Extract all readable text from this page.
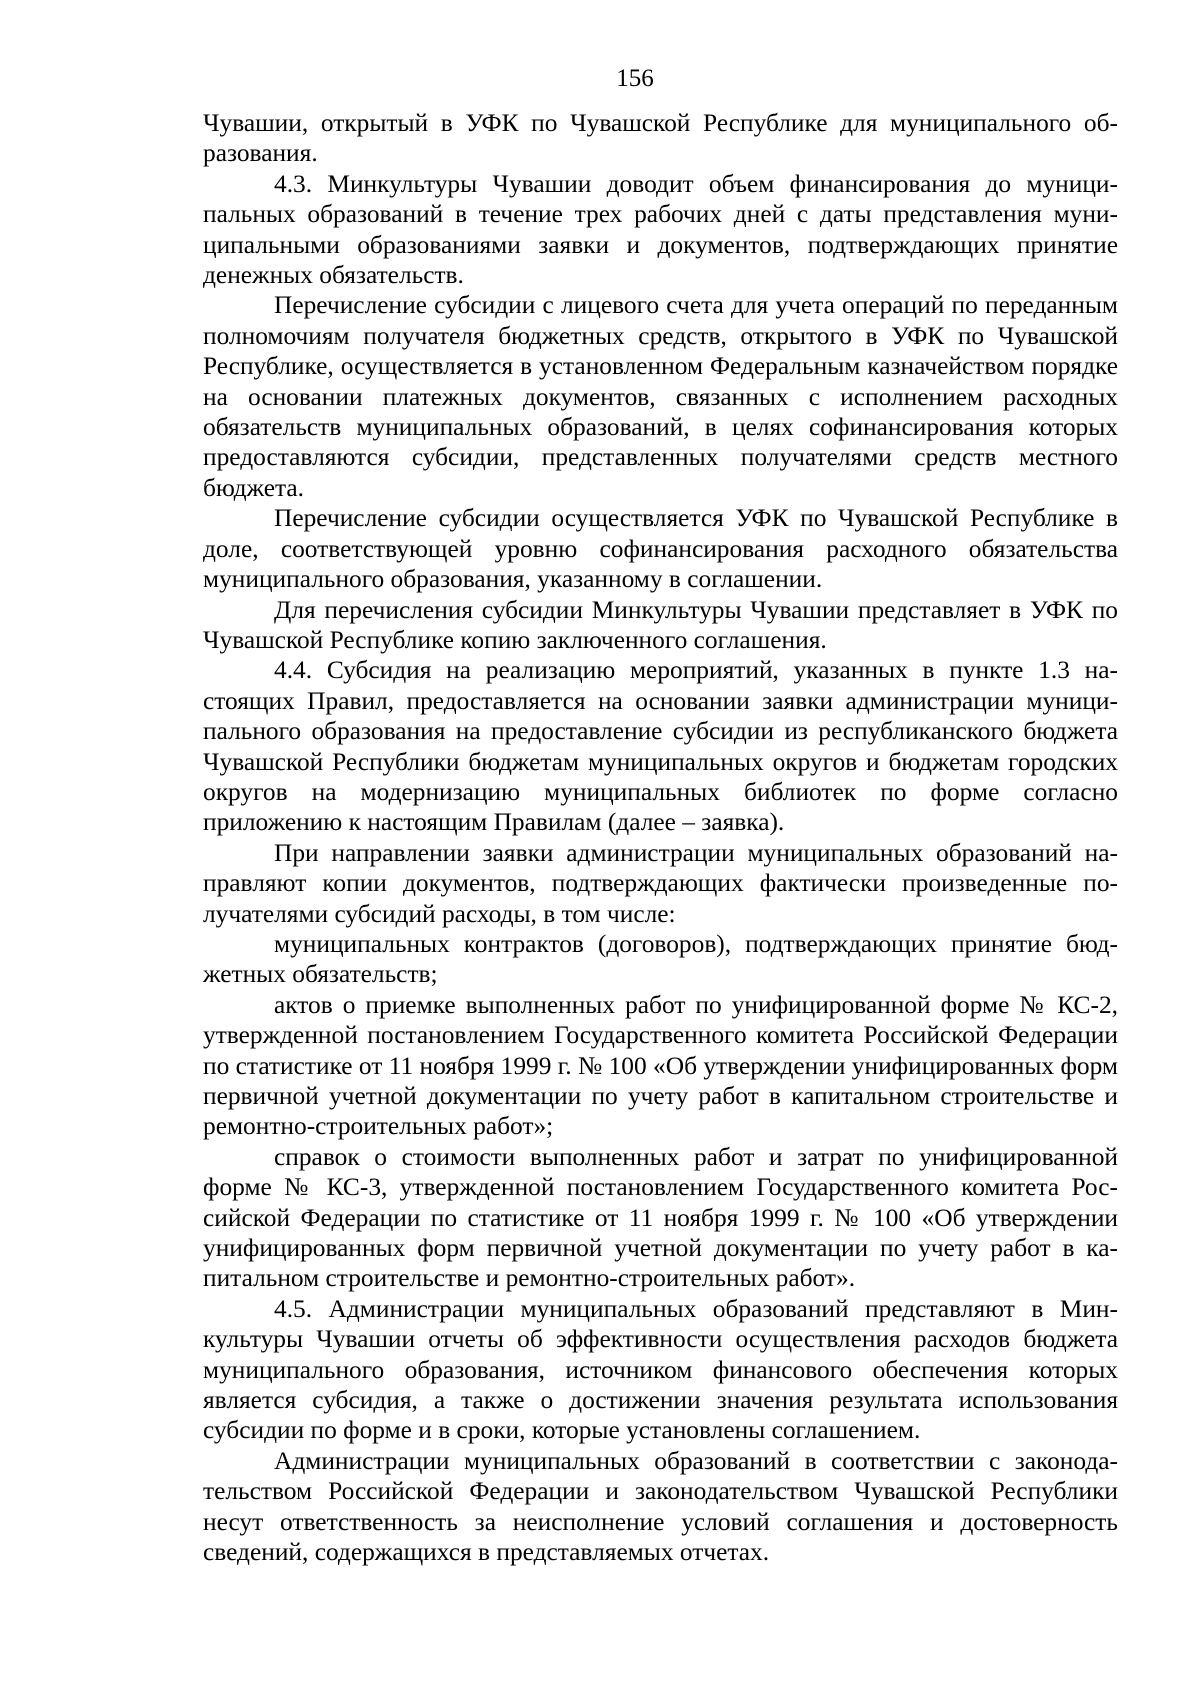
156

Чувашии, открытый в УФК по Чувашской Республике для муниципального образования.

4.3. Минкультуры Чувашии доводит объем финансирования до муниципальных образований в течение трех рабочих дней с даты представления муниципальными образованиями заявки и документов, подтверждающих принятие денежных обязательств.

Перечисление субсидии с лицевого счета для учета операций по переданным полномочиям получателя бюджетных средств, открытого в УФК по Чувашской Республике, осуществляется в установленном Федеральным казначейством порядке на основании платежных документов, связанных с исполнением расходных обязательств муниципальных образований, в целях софинансирования которых предоставляются субсидии, представленных получателями средств местного бюджета.

Перечисление субсидии осуществляется УФК по Чувашской Республике в доле, соответствующей уровню софинансирования расходного обязательства муниципального образования, указанному в соглашении.

Для перечисления субсидии Минкультуры Чувашии представляет в УФК по Чувашской Республике копию заключенного соглашения.

4.4. Субсидия на реализацию мероприятий, указанных в пункте 1.3 настоящих Правил, предоставляется на основании заявки администрации муниципального образования на предоставление субсидии из республиканского бюджета Чувашской Республики бюджетам муниципальных округов и бюджетам городских округов на модернизацию муниципальных библиотек по форме согласно приложению к настоящим Правилам (далее – заявка).

При направлении заявки администрации муниципальных образований направляют копии документов, подтверждающих фактически произведенные получателями субсидий расходы, в том числе:

муниципальных контрактов (договоров), подтверждающих принятие бюджетных обязательств;

актов о приемке выполненных работ по унифицированной форме № КС-2, утвержденной постановлением Государственного комитета Российской Федерации по статистике от 11 ноября 1999 г. № 100 «Об утверждении унифицированных форм первичной учетной документации по учету работ в капитальном строительстве и ремонтно-строительных работ»;

справок о стоимости выполненных работ и затрат по унифицированной форме № КС-3, утвержденной постановлением Государственного комитета Российской Федерации по статистике от 11 ноября 1999 г. № 100 «Об утверждении унифицированных форм первичной учетной документации по учету работ в капитальном строительстве и ремонтно-строительных работ».

4.5. Администрации муниципальных образований представляют в Минкультуры Чувашии отчеты об эффективности осуществления расходов бюджета муниципального образования, источником финансового обеспечения которых является субсидия, а также о достижении значения результата использования субсидии по форме и в сроки, которые установлены соглашением.

Администрации муниципальных образований в соответствии с законодательством Российской Федерации и законодательством Чувашской Республики несут ответственность за неисполнение условий соглашения и достоверность сведений, содержащихся в представляемых отчетах.
